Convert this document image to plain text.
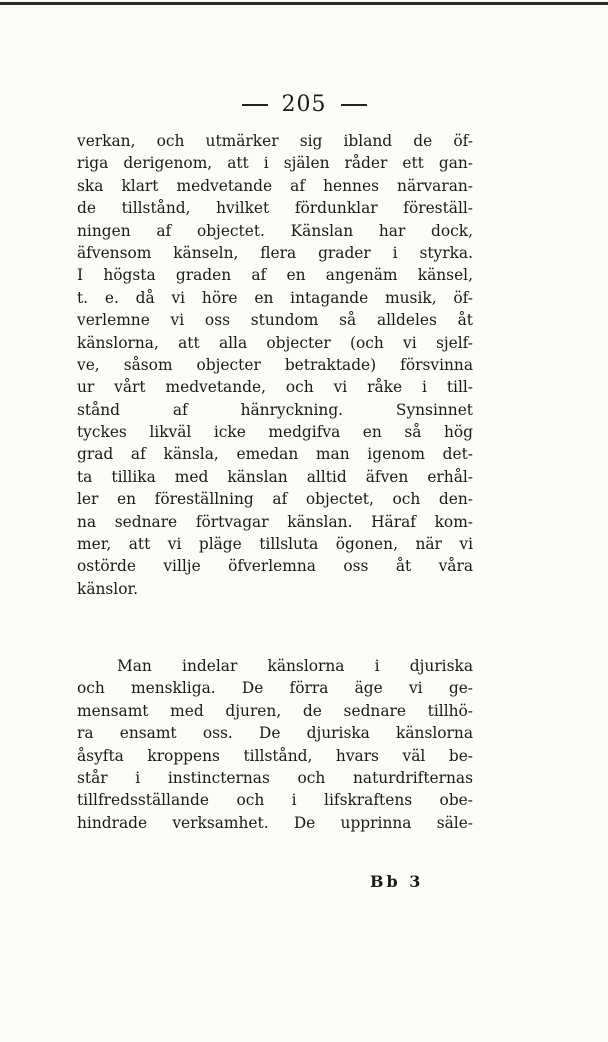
205
verkan, och utmärker sig ibland de öf-
riga derigenom, att i själen råder ett gan-
ska klart medvetande af hennes närvaran-
de tillstånd, hvilket fördunklar föreställ-
ningen af objectet. Känslan har dock,
äfvensom känseln, flera grader i styrka.
I högsta graden af en angenäm känsel,
t. e. då vi höre en intagande musik, öf-
verlemne vi oss stundom så alldeles åt
känslorna, att alla objecter (och vi sjelf-
ve, såsom objecter betraktade) försvinna
ur vårt medvetande, och vi råke i till-
stånd af hänryckning. Synsinnet
tyckes likväl icke medgifva en så hög
grad af känsla, emedan man igenom det-
ta tillika med känslan alltid äfven erhål-
ler en föreställning af objectet, och den-
na sednare förtvagar känslan. Häraf kom-
mer, att vi pläge tillsluta ögonen, när vi
ostörde villje öfverlemna oss åt våra
känslor.
Man indelar känslorna i djuriska
och menskliga. De förra äge vi ge-
mensamt med djuren, de sednare tillhö-
ra ensamt oss. De djuriska känslorna
åsyfta kroppens tillstånd, hvars väl be-
står i instincternas och naturdrifternas
tillfredsställande och i lifskraftens obe-
hindrade verksamhet. De upprinna säle-
Bb 3
